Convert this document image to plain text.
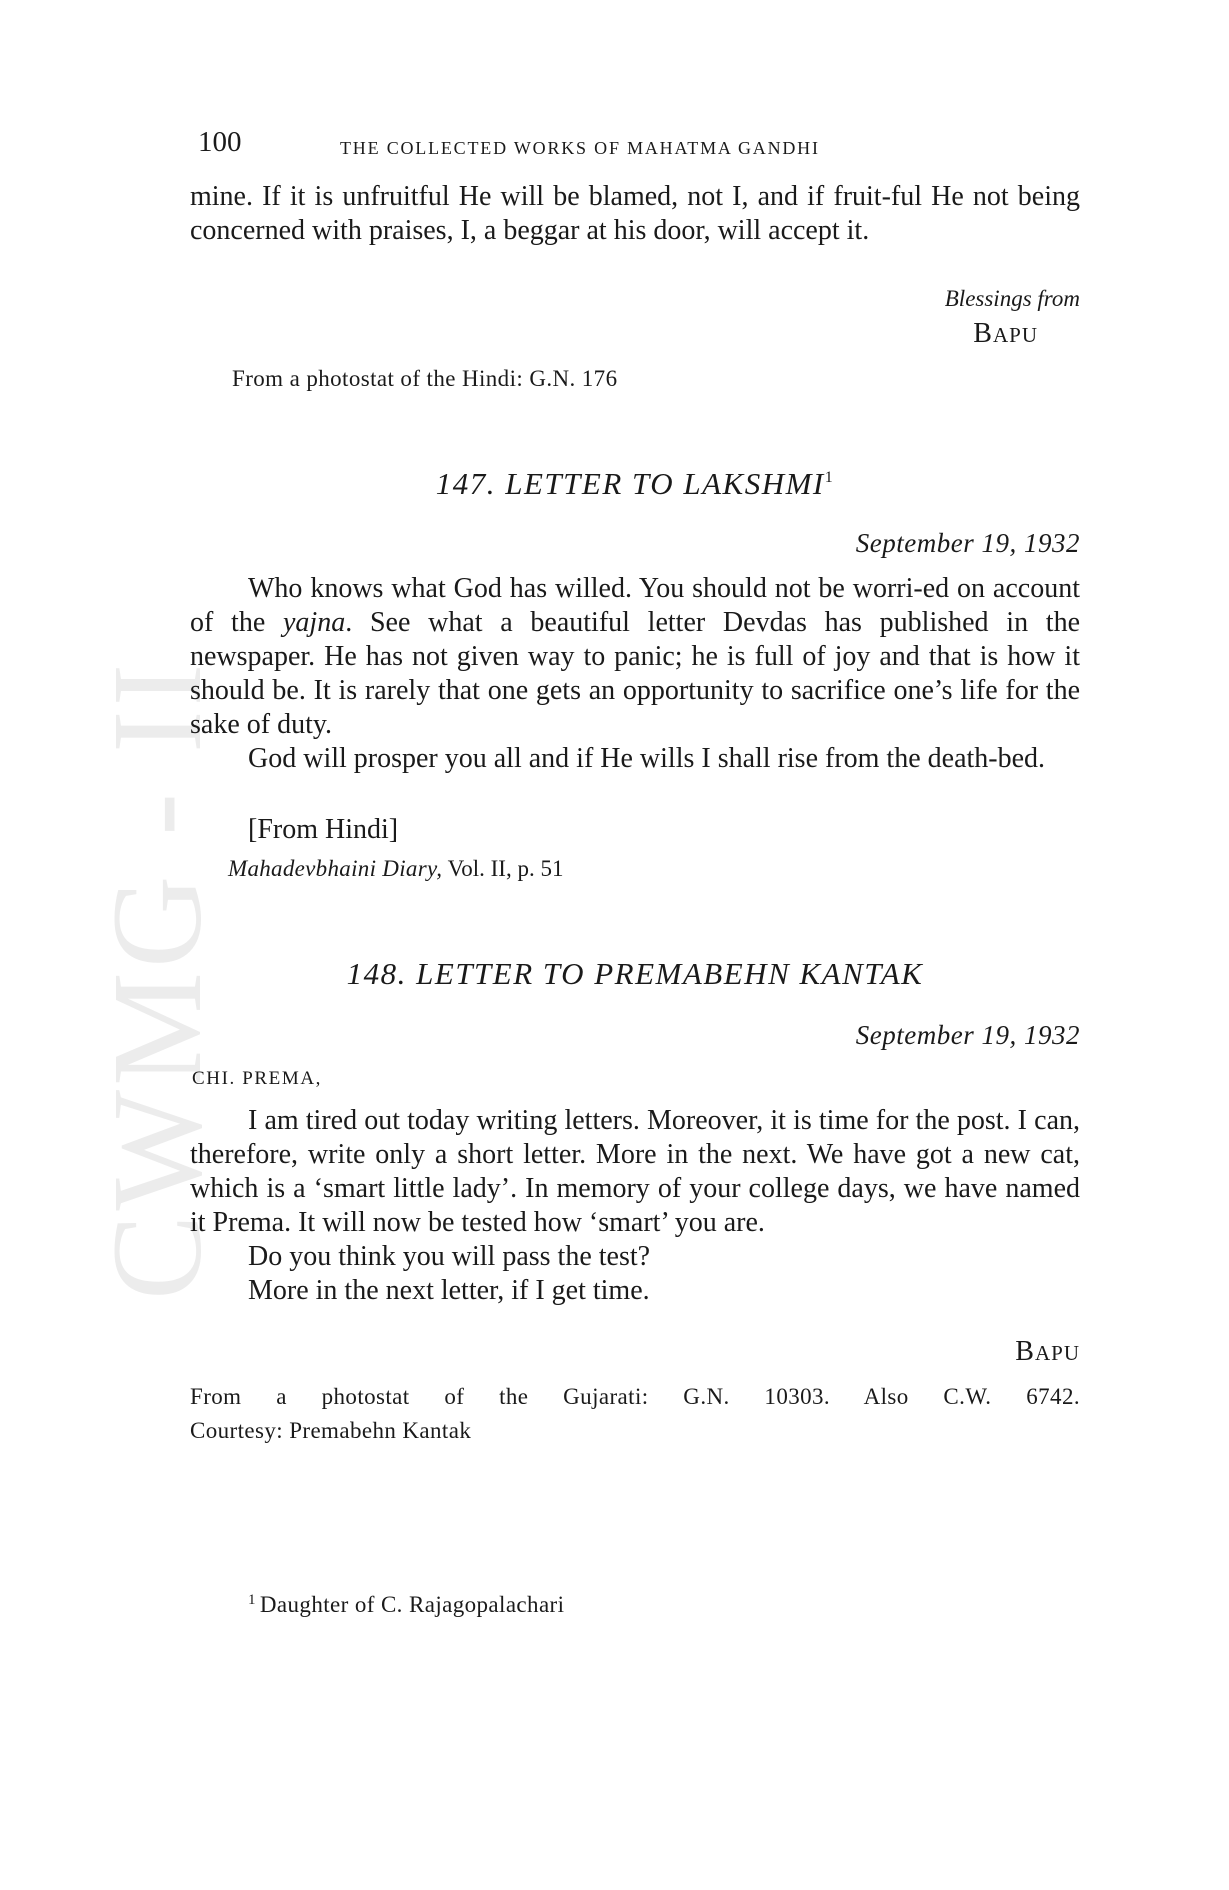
CWMG - II
100	THE COLLECTED WORKS OF MAHATMA GANDHI

mine. If it is unfruitful He will be blamed, not I, and if fruit-ful He not being concerned with praises, I, a beggar at his door, will accept it.

Blessings from
BAPU
From a photostat of the Hindi: G.N. 176
147. LETTER TO LAKSHMI$^1$
September 19, 1932

Who knows what God has willed. You should not be worri-ed on account of the yajna. See what a beautiful letter Devdas has published in the newspaper. He has not given way to panic; he is full of joy and that is how it should be. It is rarely that one gets an opportunity to sacrifice one’s life for the sake of duty.

God will prosper you all and if He wills I shall rise from the death-bed.

[From Hindi]
Mahadevbhaini Diary, Vol. II, p. 51
148. LETTER TO PREMABEHN KANTAK
September 19, 1932
CHI. PREMA,

I am tired out today writing letters. Moreover, it is time for the post. I can, therefore, write only a short letter. More in the next. We have got a new cat, which is a ‘smart little lady’. In memory of your college days, we have named it Prema. It will now be tested how ‘smart’ you are.

Do you think you will pass the test?

More in the next letter, if I get time.

BAPU
From a photostat of the Gujarati: G.N. 10303. Also C.W. 6742.
Courtesy: Premabehn Kantak
$^1$ Daughter of C. Rajagopalachari
